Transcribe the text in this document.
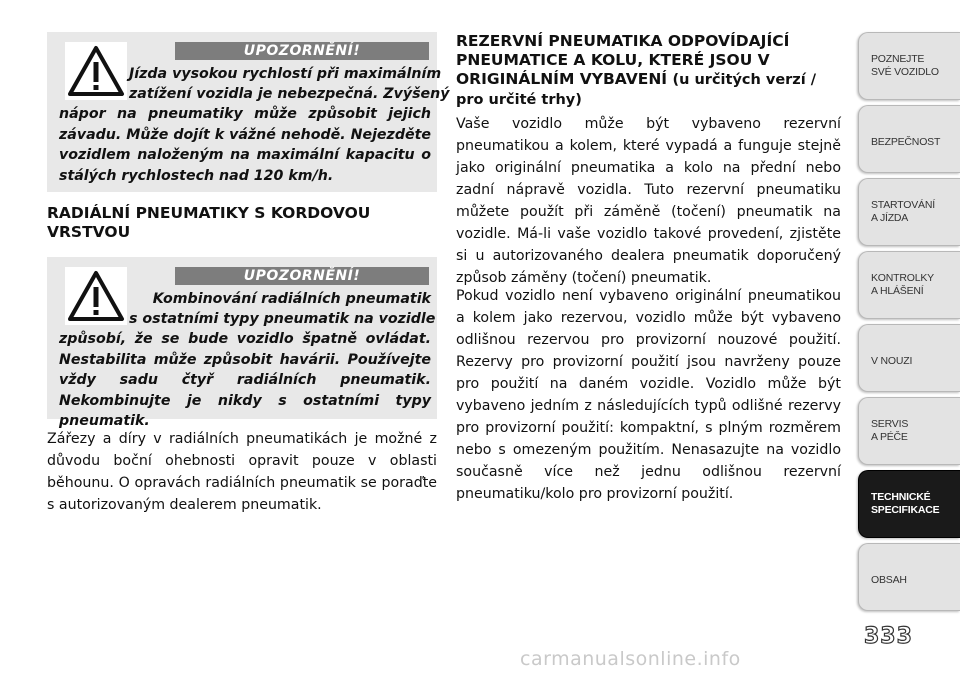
UPOZORNĚNÍ!
Jízda vysokou rychlostí při maximálním
zatížení vozidla je nebezpečná. Zvýšený
nápor na pneumatiky může způsobit jejich závadu. Může dojít k vážné nehodě. Nejezděte vozidlem naloženým na maximální kapacitu o stálých rychlostech nad 120 km/h.
RADIÁLNÍ PNEUMATIKY S KORDOVOU VRSTVOU
UPOZORNĚNÍ!
Kombinování radiálních pneumatik
s ostatními typy pneumatik na vozidle
způsobí, že se bude vozidlo špatně ovládat. Nestabilita může způsobit havárii. Používejte vždy sadu čtyř radiálních pneumatik. Nekombinujte je nikdy s ostatními typy pneumatik.
Zářezy a díry v radiálních pneumatikách je možné z důvodu boční ohebnosti opravit pouze v oblasti běhounu. O opravách radiálních pneumatik se poraďte s autorizovaným dealerem pneumatik.
REZERVNÍ PNEUMATIKA ODPOVÍDAJÍCÍ PNEUMATICE A KOLU, KTERÉ JSOU V ORIGINÁLNÍM VYBAVENÍ (u určitých verzí / pro určité trhy)
Vaše vozidlo může být vybaveno rezervní pneumatikou a kolem, které vypadá a funguje stejně jako originální pneumatika a kolo na přední nebo zadní nápravě vozidla. Tuto rezervní pneumatiku můžete použít při záměně (točení) pneumatik na vozidle. Má-li vaše vozidlo takové provedení, zjistěte si u autorizovaného dealera pneumatik doporučený způsob záměny (točení) pneumatik.
Pokud vozidlo není vybaveno originální pneumatikou a kolem jako rezervou, vozidlo může být vybaveno odlišnou rezervou pro provizorní nouzové použití. Rezervy pro provizorní použití jsou navrženy pouze pro použití na daném vozidle. Vozidlo může být vybaveno jedním z následujících typů odlišné rezervy pro provizorní použití: kompaktní, s plným rozměrem nebo s omezeným použitím. Nenasazujte na vozidlo současně více než jednu odlišnou rezervní pneumatiku/kolo pro provizorní použití.
POZNEJTE
SVÉ VOZIDLO
BEZPEČNOST
STARTOVÁNÍ
A JÍZDA
KONTROLKY
A HLÁŠENÍ
V NOUZI
SERVIS
A PÉČE
TECHNICKÉ
SPECIFIKACE
OBSAH
333
carmanualsonline.info
